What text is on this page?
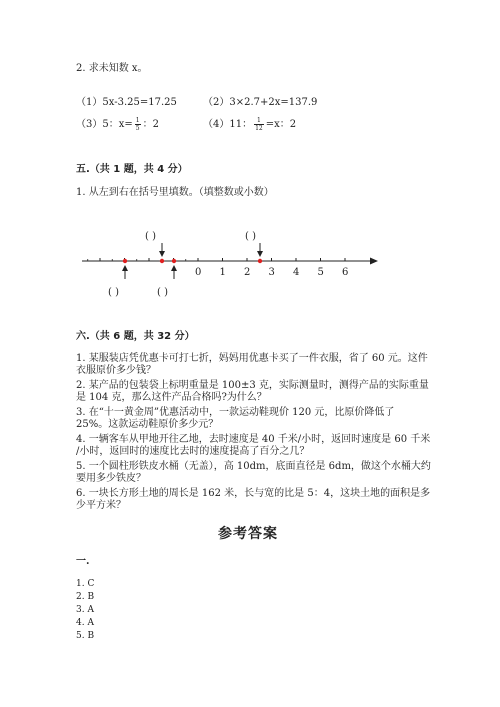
2. 求未知数 x。
（1）5x-3.25=17.25	（2）3×2.7+2x=137.9
（3）5：$x= \frac{1}{5}$ ：2	（4）11： $\frac{1}{12} =x$：2
五.（共 1 题，共 4 分）
1. 从左到右在括号里填数。（填整数或小数）
0 1 2 3 4 5 6
( )	( )
( )	( )
六.（共 6 题，共 32 分）
1. 某服装店凭优惠卡可打七折，妈妈用优惠卡买了一件衣服，省了 60 元。这件
衣服原价多少钱？
2. 某产品的包装袋上标明重量是 100±3 克，实际测量时，测得产品的实际重量
是 104 克，那么这件产品合格吗?为什么？
3. 在“十一黄金周”优惠活动中，一款运动鞋现价 120 元，比原价降低了
25%。这款运动鞋原价多少元？
4. 一辆客车从甲地开往乙地，去时速度是 40 千米/小时，返回时速度是 60 千米
/小时，返回时的速度比去时的速度提高了百分之几？
5. 一个圆柱形铁皮水桶（无盖），高 10dm，底面直径是 6dm，做这个水桶大约
要用多少铁皮？
6. 一块长方形土地的周长是 162 米，长与宽的比是 5：4，这块土地的面积是多
少平方米？
参考答案
一.
1. C
2. B
3. A
4. A
5. B
